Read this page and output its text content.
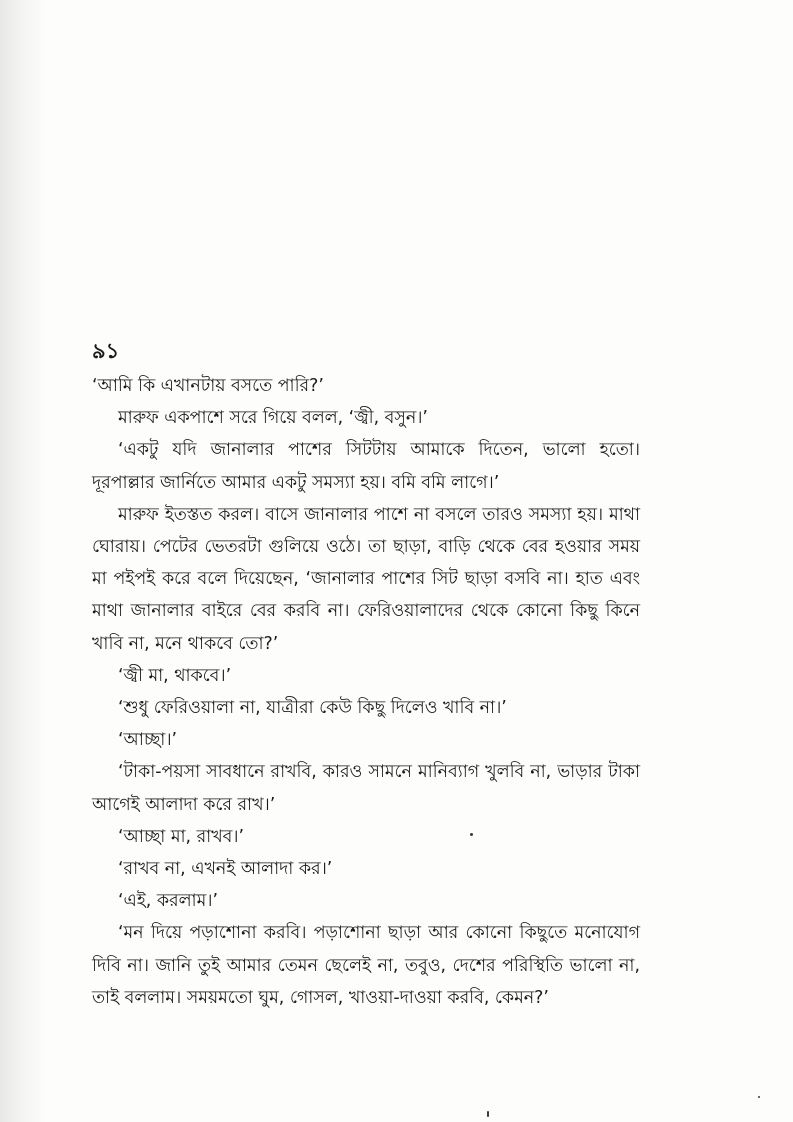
৯১

‘আমি কি এখানটায় বসতে পারি?’

মারুফ একপাশে সরে গিয়ে বলল, ‘জ্বী, বসুন।’

‘একটু যদি জানালার পাশের সিটটায় আমাকে দিতেন, ভালো হতো। দূরপাল্লার জার্নিতে আমার একটু সমস্যা হয়। বমি বমি লাগে।’

মারুফ ইতস্তত করল। বাসে জানালার পাশে না বসলে তারও সমস্যা হয়। মাথা ঘোরায়। পেটের ভেতরটা গুলিয়ে ওঠে। তা ছাড়া, বাড়ি থেকে বের হওয়ার সময় মা পইপই করে বলে দিয়েছেন, ‘জানালার পাশের সিট ছাড়া বসবি না। হাত এবং মাথা জানালার বাইরে বের করবি না। ফেরিওয়ালাদের থেকে কোনো কিছু কিনে খাবি না, মনে থাকবে তো?’

‘জ্বী মা, থাকবে।’

‘শুধু ফেরিওয়ালা না, যাত্রীরা কেউ কিছু দিলেও খাবি না।’

‘আচ্ছা।’

‘টাকা-পয়সা সাবধানে রাখবি, কারও সামনে মানিব্যাগ খুলবি না, ভাড়ার টাকা আগেই আলাদা করে রাখ।’

‘আচ্ছা মা, রাখব।’

‘রাখব না, এখনই আলাদা কর।’

‘এই, করলাম।’

‘মন দিয়ে পড়াশোনা করবি। পড়াশোনা ছাড়া আর কোনো কিছুতে মনোযোগ দিবি না। জানি তুই আমার তেমন ছেলেই না, তবুও, দেশের পরিস্থিতি ভালো না, তাই বললাম। সময়মতো ঘুম, গোসল, খাওয়া-দাওয়া করবি, কেমন?’
